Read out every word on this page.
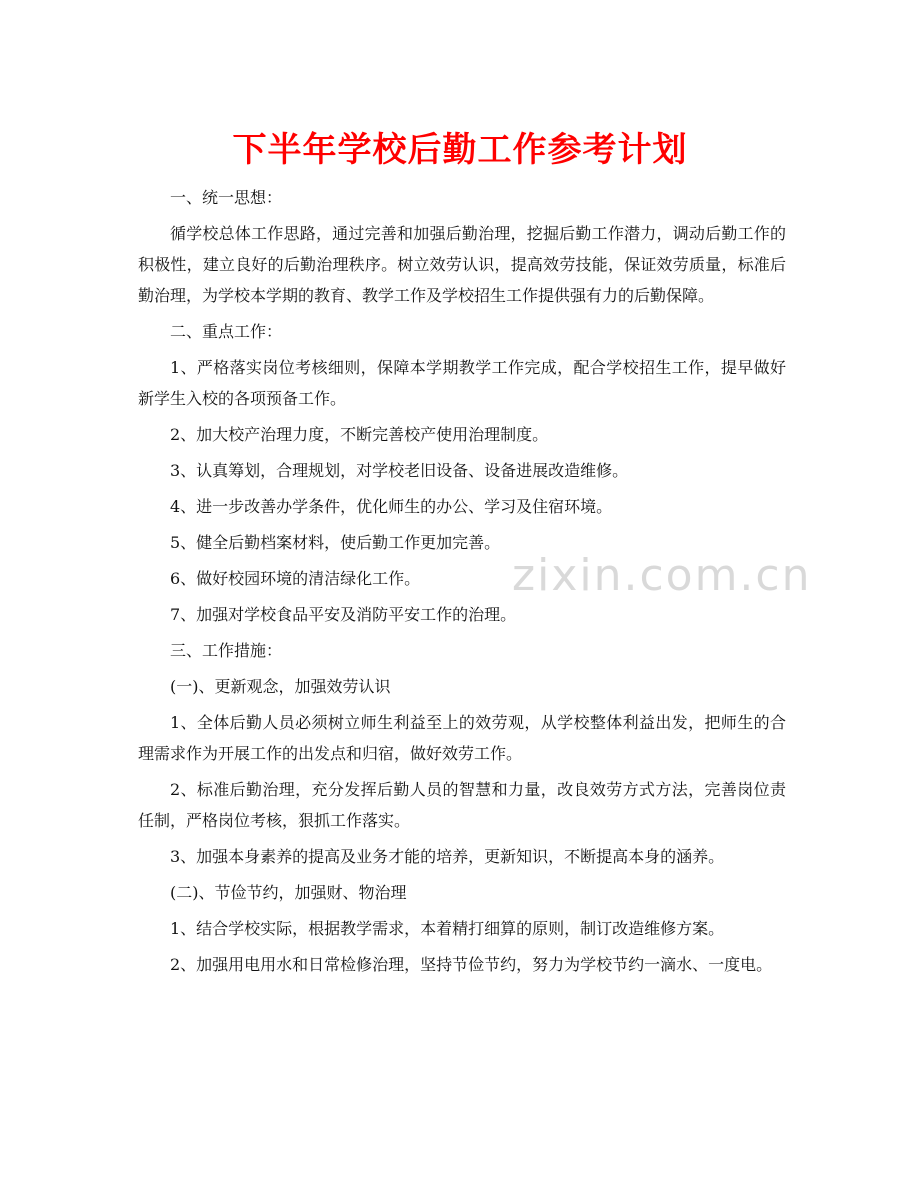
下半年学校后勤工作参考计划

一、统一思想：

循学校总体工作思路，通过完善和加强后勤治理，挖掘后勤工作潜力，调动后勤工作的积极性，建立良好的后勤治理秩序。树立效劳认识，提高效劳技能，保证效劳质量，标准后勤治理，为学校本学期的教育、教学工作及学校招生工作提供强有力的后勤保障。

二、重点工作：

1、严格落实岗位考核细则，保障本学期教学工作完成，配合学校招生工作，提早做好新学生入校的各项预备工作。

2、加大校产治理力度，不断完善校产使用治理制度。

3、认真筹划，合理规划，对学校老旧设备、设备进展改造维修。

4、进一步改善办学条件，优化师生的办公、学习及住宿环境。

5、健全后勤档案材料，使后勤工作更加完善。

6、做好校园环境的清洁绿化工作。

7、加强对学校食品平安及消防平安工作的治理。

三、工作措施：

(一)、更新观念，加强效劳认识

1、全体后勤人员必须树立师生利益至上的效劳观，从学校整体利益出发，把师生的合理需求作为开展工作的出发点和归宿，做好效劳工作。

2、标准后勤治理，充分发挥后勤人员的智慧和力量，改良效劳方式方法，完善岗位责任制，严格岗位考核，狠抓工作落实。

3、加强本身素养的提高及业务才能的培养，更新知识，不断提高本身的涵养。

(二)、节俭节约，加强财、物治理

1、结合学校实际，根据教学需求，本着精打细算的原则，制订改造维修方案。

2、加强用电用水和日常检修治理，坚持节俭节约，努力为学校节约一滴水、一度电。

zixin.com.cn
